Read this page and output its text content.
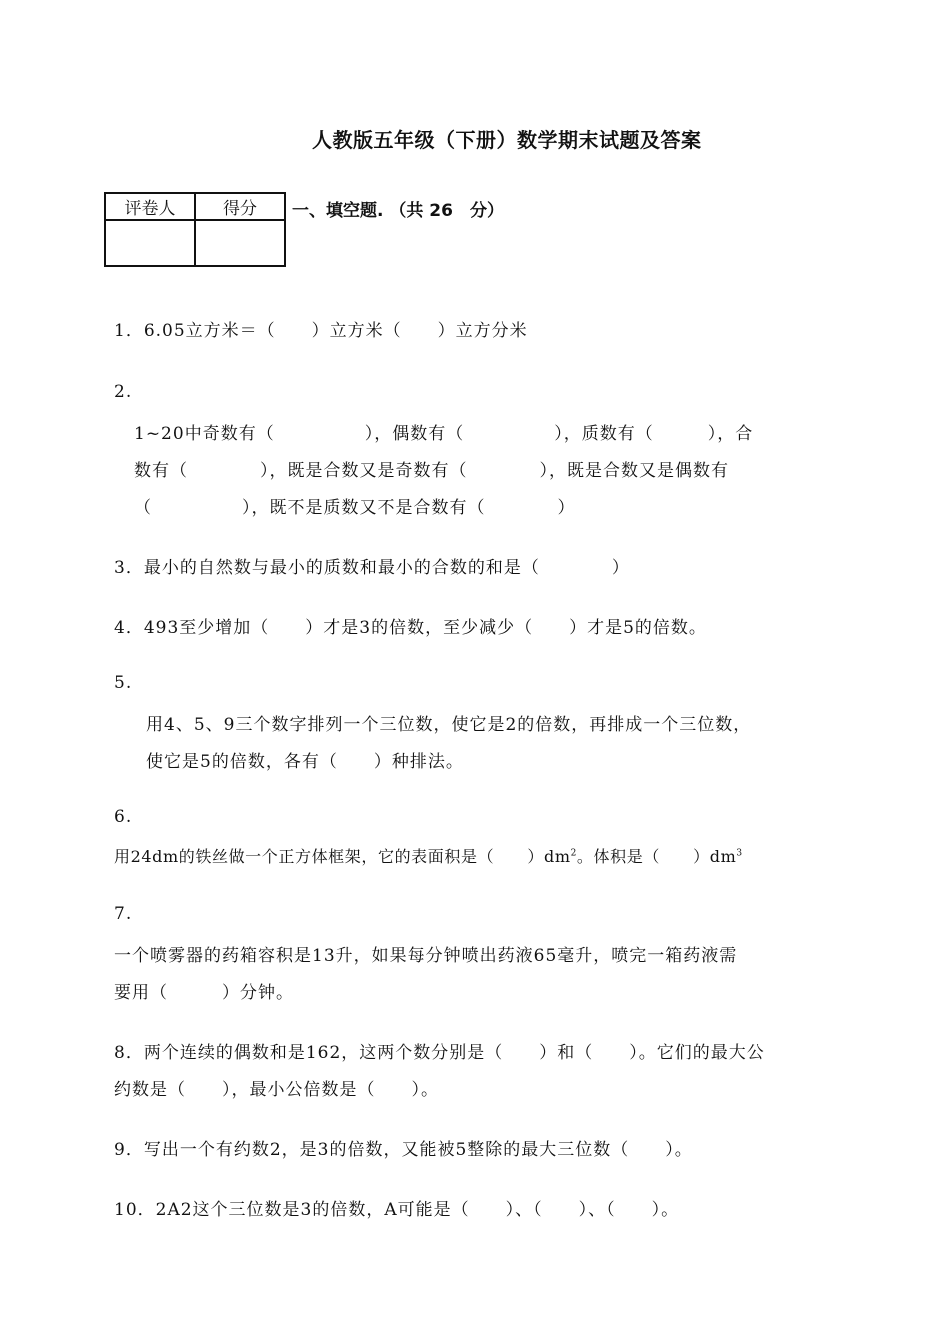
人教版五年级（下册）数学期末试题及答案
评卷人	得分
	一、填空题. （共 26　分）
1．6.05立方米＝（　　）立方米（　　）立方分米
2.
1~20中奇数有（　　　　　），偶数有（　　　　　），质数有（　　　），合
数有（　　　　），既是合数又是奇数有（　　　　），既是合数又是偶数有
（　　　　　），既不是质数又不是合数有（　　　　）
3．最小的自然数与最小的质数和最小的合数的和是（　　　　）
4．493至少增加（　　）才是3的倍数，至少减少（　　）才是5的倍数。
5.
用4、5、9三个数字排列一个三位数，使它是2的倍数，再排成一个三位数，
使它是5的倍数，各有（　　）种排法。
6.
用24dm的铁丝做一个正方体框架，它的表面积是（　　）$dm^2$。体积是（　　）$dm^3$
7.
一个喷雾器的药箱容积是13升，如果每分钟喷出药液65毫升，喷完一箱药液需
要用（　　　）分钟。
8．两个连续的偶数和是162，这两个数分别是（　　）和（　　）。它们的最大公
约数是（　　），最小公倍数是（　　）。
9．写出一个有约数2，是3的倍数，又能被5整除的最大三位数（　　）。
10．2A2这个三位数是3的倍数，A可能是（　　）、（　　）、（　　）。
